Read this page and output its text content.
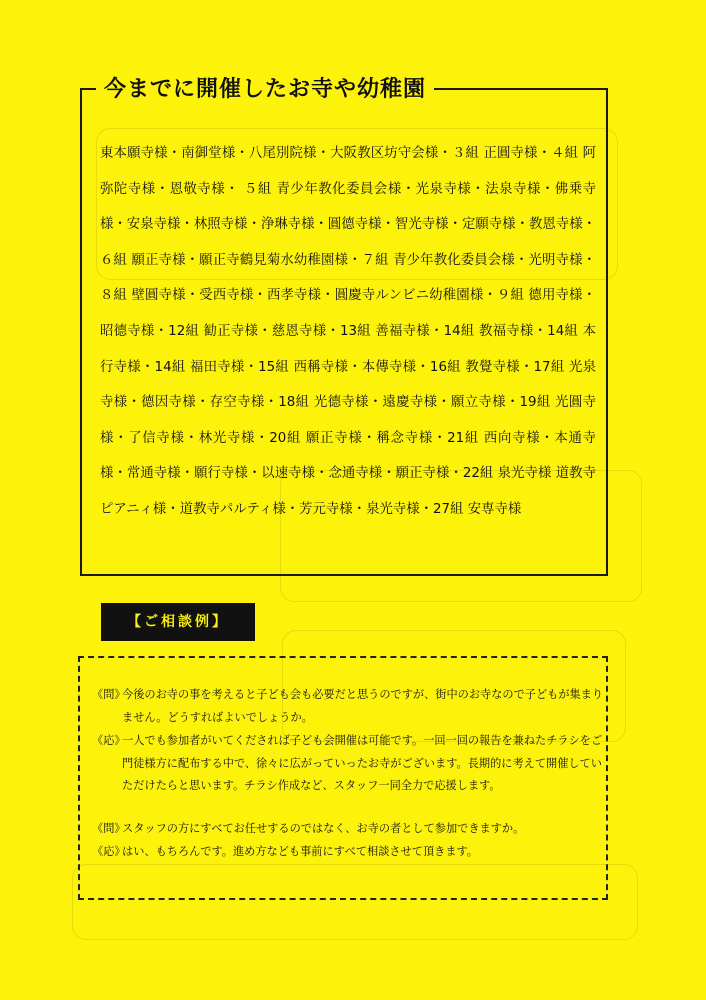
今までに開催したお寺や幼稚園
東本願寺様・南御堂様・八尾別院様・大阪教区坊守会様・３組 正圓寺様・４組 阿弥陀寺様・恩敬寺様・ ５組 青少年教化委員会様・光泉寺様・法泉寺様・佛乗寺様・安泉寺様・林照寺様・浄琳寺様・圓德寺様・智光寺様・定願寺様・教恩寺様・６組 願正寺様・願正寺鶴見菊水幼稚園様・７組 青少年教化委員会様・光明寺様・８組 壁圓寺様・受西寺様・西孝寺様・圓慶寺ルンビニ幼稚園様・９組 德用寺様・昭德寺様・12組 勧正寺様・慈恩寺様・13組 善福寺様・14組 教福寺様・14組 本行寺様・14組 福田寺様・15組 西稱寺様・本傳寺様・16組 教覺寺様・17組 光泉寺様・德因寺様・存空寺様・18組 光德寺様・遠慶寺様・願立寺様・19組 光圓寺様・了信寺様・林光寺様・20組 願正寺様・稱念寺様・21組 西向寺様・本通寺様・常通寺様・願行寺様・以速寺様・念通寺様・願正寺様・22組 泉光寺様 道教寺ピアニィ様・道教寺パルティ様・芳元寺様・泉光寺様・27組 安専寺様
【ご相談例】
《問》
今後のお寺の事を考えると子ども会も必要だと思うのですが、街中のお寺なので子どもが集まりません。どうすればよいでしょうか。
《応》
一人でも参加者がいてくだされば子ども会開催は可能です。一回一回の報告を兼ねたチラシをご門徒様方に配布する中で、徐々に広がっていったお寺がございます。長期的に考えて開催していただけたらと思います。チラシ作成など、スタッフ一同全力で応援します。
《問》
スタッフの方にすべてお任せするのではなく、お寺の者として参加できますか。
《応》
はい、もちろんです。進め方なども事前にすべて相談させて頂きます。
